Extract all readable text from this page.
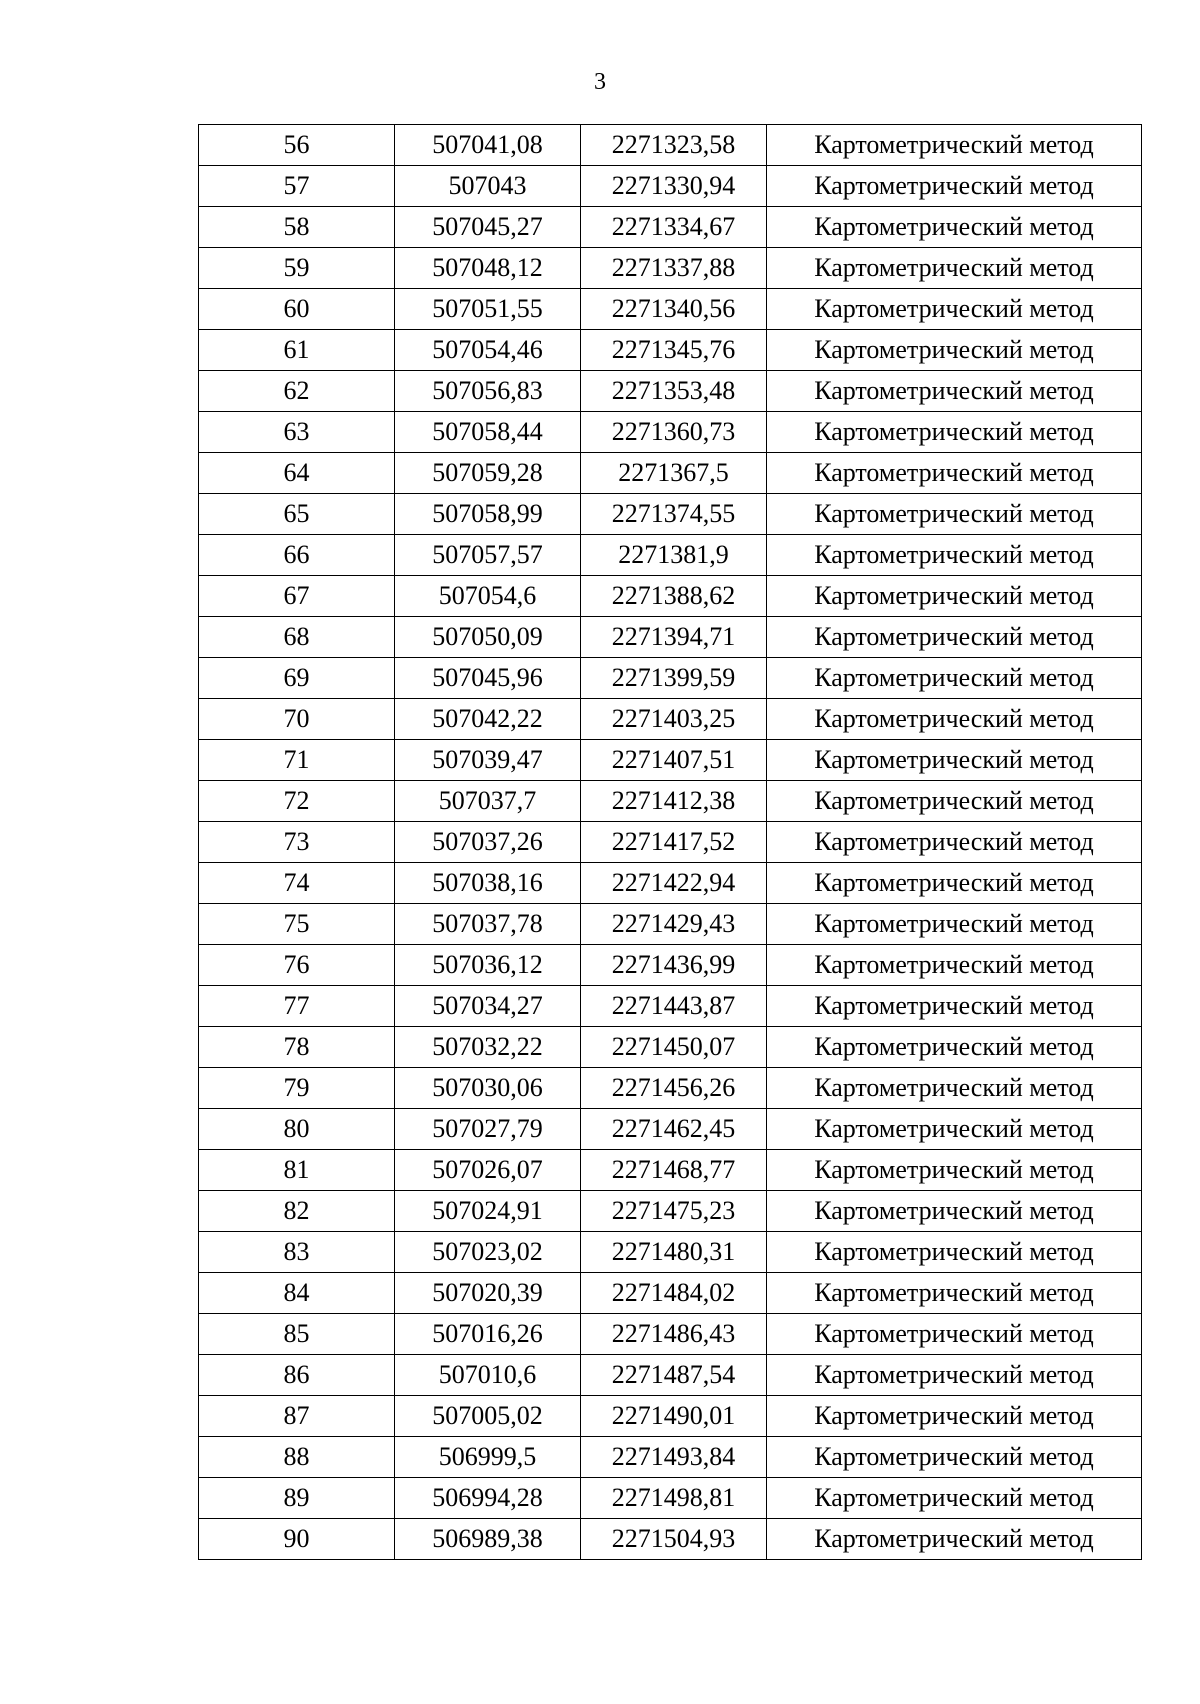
3
56	507041,08	2271323,58	Картометрический метод
57	507043	2271330,94	Картометрический метод
58	507045,27	2271334,67	Картометрический метод
59	507048,12	2271337,88	Картометрический метод
60	507051,55	2271340,56	Картометрический метод
61	507054,46	2271345,76	Картометрический метод
62	507056,83	2271353,48	Картометрический метод
63	507058,44	2271360,73	Картометрический метод
64	507059,28	2271367,5	Картометрический метод
65	507058,99	2271374,55	Картометрический метод
66	507057,57	2271381,9	Картометрический метод
67	507054,6	2271388,62	Картометрический метод
68	507050,09	2271394,71	Картометрический метод
69	507045,96	2271399,59	Картометрический метод
70	507042,22	2271403,25	Картометрический метод
71	507039,47	2271407,51	Картометрический метод
72	507037,7	2271412,38	Картометрический метод
73	507037,26	2271417,52	Картометрический метод
74	507038,16	2271422,94	Картометрический метод
75	507037,78	2271429,43	Картометрический метод
76	507036,12	2271436,99	Картометрический метод
77	507034,27	2271443,87	Картометрический метод
78	507032,22	2271450,07	Картометрический метод
79	507030,06	2271456,26	Картометрический метод
80	507027,79	2271462,45	Картометрический метод
81	507026,07	2271468,77	Картометрический метод
82	507024,91	2271475,23	Картометрический метод
83	507023,02	2271480,31	Картометрический метод
84	507020,39	2271484,02	Картометрический метод
85	507016,26	2271486,43	Картометрический метод
86	507010,6	2271487,54	Картометрический метод
87	507005,02	2271490,01	Картометрический метод
88	506999,5	2271493,84	Картометрический метод
89	506994,28	2271498,81	Картометрический метод
90	506989,38	2271504,93	Картометрический метод
